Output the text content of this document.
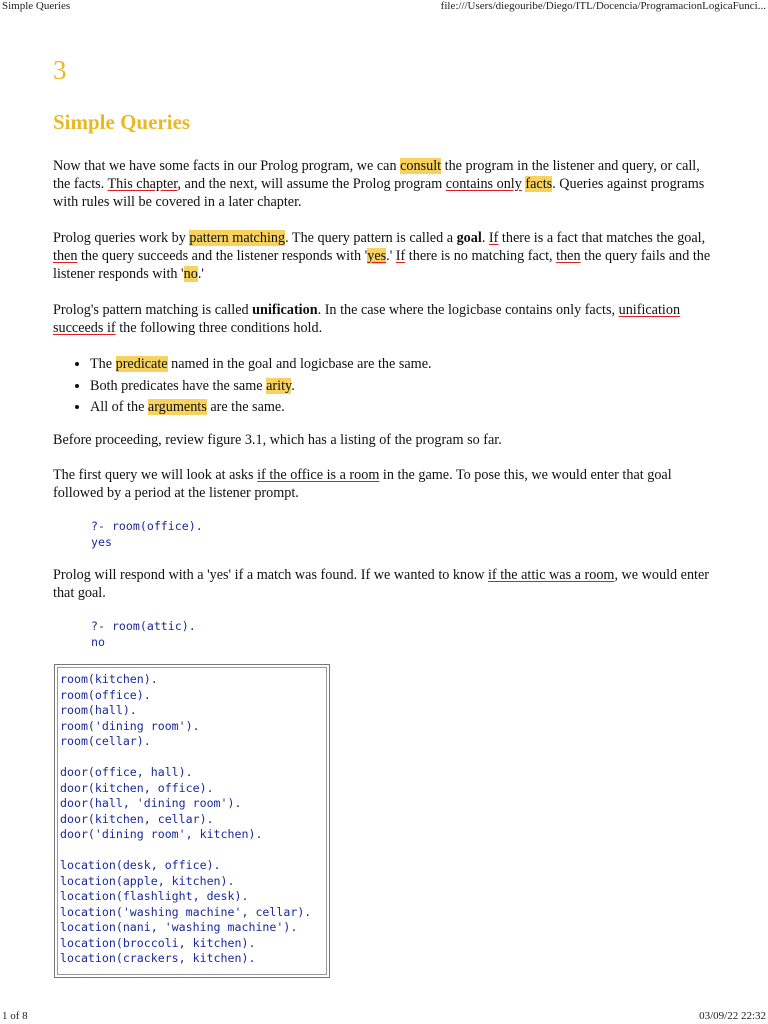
Simple Queries	file:///Users/diegouribe/Diego/ITL/Docencia/ProgramacionLogicaFunci...
3
Simple Queries

Now that we have some facts in our Prolog program, we can consult the program in the listener and query, or call, the facts. This chapter, and the next, will assume the Prolog program contains only facts. Queries against programs with rules will be covered in a later chapter.

Prolog queries work by pattern matching. The query pattern is called a goal. If there is a fact that matches the goal, then the query succeeds and the listener responds with 'yes.' If there is no matching fact, then the query fails and the listener responds with 'no.'

Prolog's pattern matching is called unification. In the case where the logicbase contains only facts, unification succeeds if the following three conditions hold.

• The predicate named in the goal and logicbase are the same.
• Both predicates have the same arity.
• All of the arguments are the same.

Before proceeding, review figure 3.1, which has a listing of the program so far.

The first query we will look at asks if the office is a room in the game. To pose this, we would enter that goal followed by a period at the listener prompt.

?- room(office).
yes

Prolog will respond with a 'yes' if a match was found. If we wanted to know if the attic was a room, we would enter that goal.

?- room(attic).
no
room(kitchen).
room(office).
room(hall).
room('dining room').
room(cellar).

door(office, hall).
door(kitchen, office).
door(hall, 'dining room').
door(kitchen, cellar).
door('dining room', kitchen).

location(desk, office).
location(apple, kitchen).
location(flashlight, desk).
location('washing machine', cellar).
location(nani, 'washing machine').
location(broccoli, kitchen).
location(crackers, kitchen).
1 of 8	03/09/22 22:32
